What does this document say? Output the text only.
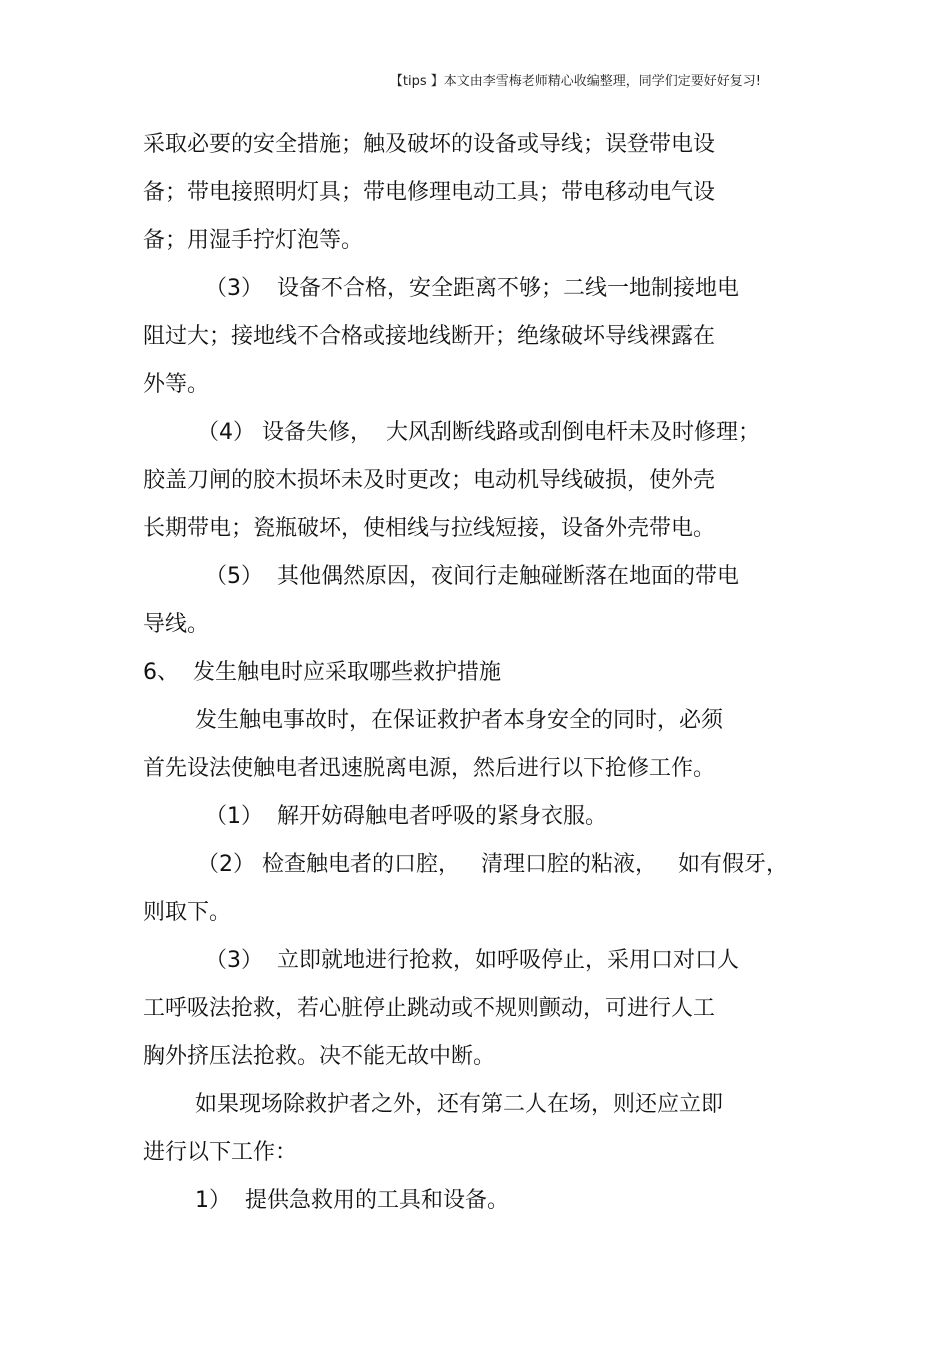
【tips 】本文由李雪梅老师精心收编整理，同学们定要好好复习!
采取必要的安全措施；触及破坏的设备或导线；误登带电设
备；带电接照明灯具；带电修理电动工具；带电移动电气设
备；用湿手拧灯泡等。
（3）  设备不合格，安全距离不够；二线一地制接地电
阻过大；接地线不合格或接地线断开；绝缘破坏导线裸露在
外等。
（4） 设备失修，  大风刮断线路或刮倒电杆未及时修理；
胶盖刀闸的胶木损坏未及时更改；电动机导线破损，使外壳
长期带电；瓷瓶破坏，使相线与拉线短接，设备外壳带电。
（5）  其他偶然原因，夜间行走触碰断落在地面的带电
导线。
6、  发生触电时应采取哪些救护措施
发生触电事故时，在保证救护者本身安全的同时，必须
首先设法使触电者迅速脱离电源，然后进行以下抢修工作。
（1）  解开妨碍触电者呼吸的紧身衣服。
（2） 检查触电者的口腔，   清理口腔的粘液，   如有假牙，
则取下。
（3）  立即就地进行抢救，如呼吸停止，采用口对口人
工呼吸法抢救，若心脏停止跳动或不规则颤动，可进行人工
胸外挤压法抢救。决不能无故中断。
如果现场除救护者之外，还有第二人在场，则还应立即
进行以下工作：
1）  提供急救用的工具和设备。
